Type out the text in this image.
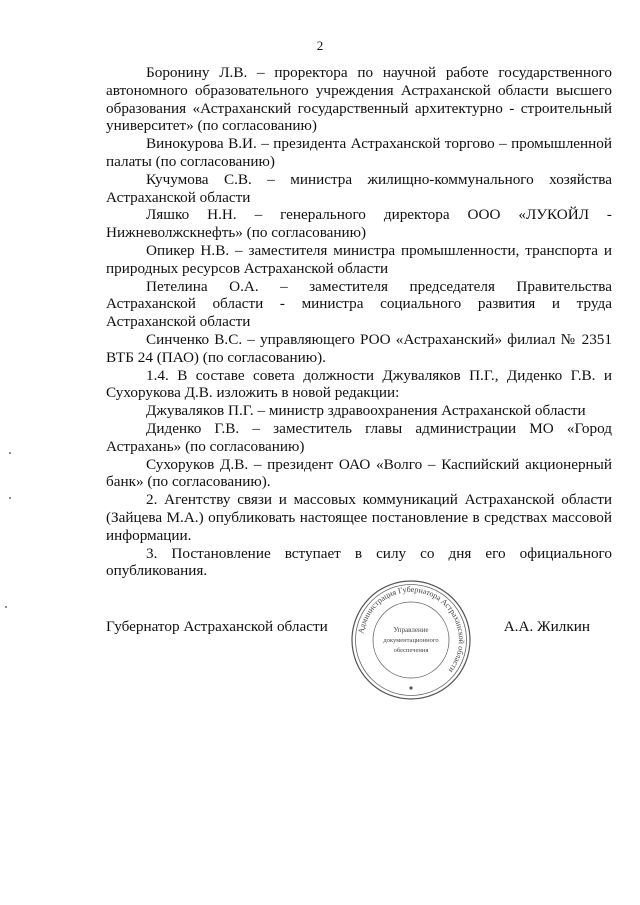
2

Боронину Л.В. – проректора по научной работе государственного автономного образовательного учреждения Астраханской области высшего образования «Астраханский государственный архитектурно - строительный университет» (по согласованию)

Винокурова В.И. – президента Астраханской торгово – промышленной палаты (по согласованию)

Кучумова С.В. – министра жилищно-коммунального хозяйства Астраханской области

Ляшко Н.Н. – генерального директора ООО «ЛУКОЙЛ - Нижневолжскнефть» (по согласованию)

Опикер Н.В. – заместителя министра промышленности, транспорта и природных ресурсов Астраханской области

Петелина О.А. – заместителя председателя Правительства Астраханской области - министра социального развития и труда Астраханской области

Синченко В.С. – управляющего РОО «Астраханский» филиал № 2351 ВТБ 24 (ПАО) (по согласованию).

1.4. В составе совета должности Джуваляков П.Г., Диденко Г.В. и Сухорукова Д.В. изложить в новой редакции:

Джуваляков П.Г. – министр здравоохранения Астраханской области

Диденко Г.В. – заместитель главы администрации МО «Город Астрахань» (по согласованию)

Сухоруков Д.В. – президент ОАО «Волго – Каспийский акционерный банк» (по согласованию).

2. Агентству связи и массовых коммуникаций Астраханской области (Зайцева М.А.) опубликовать настоящее постановление в средствах массовой информации.

3. Постановление вступает в силу со дня его официального опубликования.

Губернатор Астраханской области	А.А. Жилкин
Администрация Губернатора Астраханской области
Управление
документационного
обеспечения
